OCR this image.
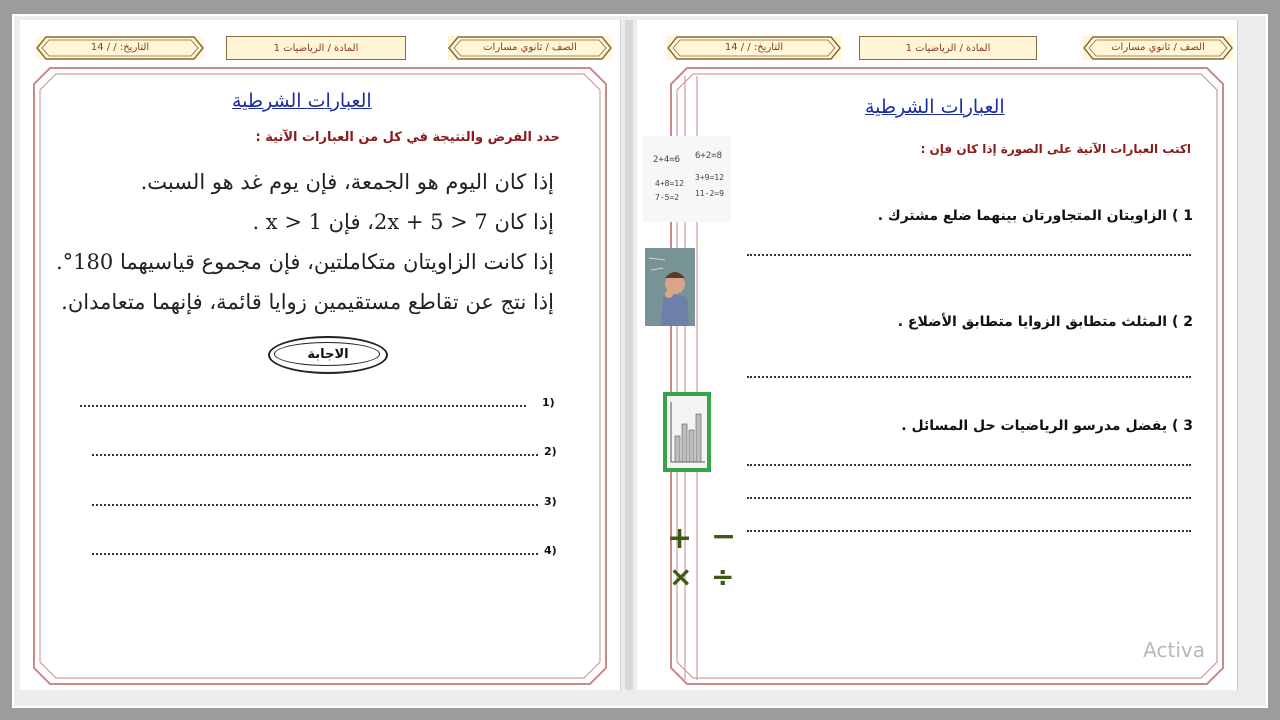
التاريخ: / / 14	المادة / الرياضيات 1	الصف / ثانوي مسارات
العبارات الشرطية
حدد الفرض والنتيجة في كل من العبارات الآتية :
إذا كان اليوم هو الجمعة، فإن يوم غد هو السبت.
إذا كان 7 < 2x + 5، فإن x > 1 .
إذا كانت الزاويتان متكاملتين، فإن مجموع قياسيهما 180°.
إذا نتج عن تقاطع مستقيمين زوايا قائمة، فإنهما متعامدان.
الاجابة
1)
2)
3)
4)
التاريخ: / / 14	المادة / الرياضيات 1	الصف / ثانوي مسارات
العبارات الشرطية
اكتب العبارات الآتية على الصورة إذا كان فإن :
2+4=6 6+2=8
4+8=12
3+9=12
7-5=2 11-2=9
+ −
× ÷
1 ) الزاويتان المتجاورتان بينهما ضلع مشترك .
2 ) المثلث متطابق الزوايا متطابق الأضلاع .
3 ) يفضل مدرسو الرياضيات حل المسائل .
Activa
